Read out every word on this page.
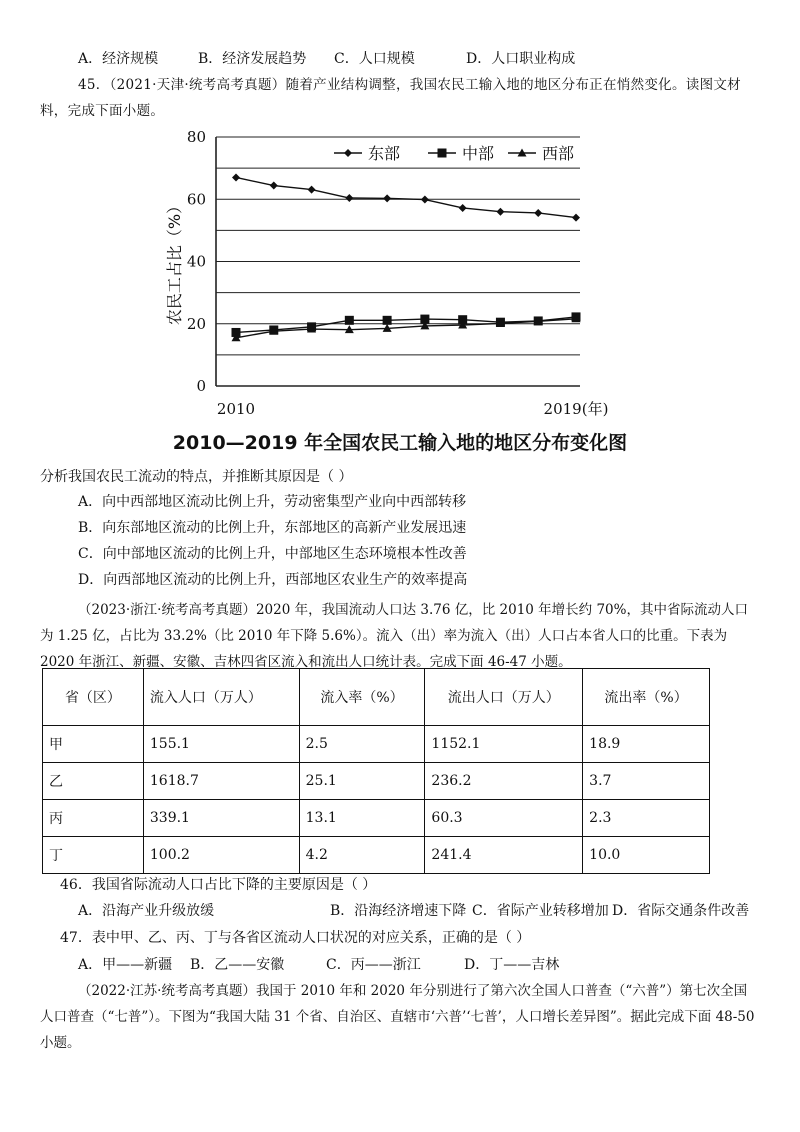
A．经济规模	B．经济发展趋势 C．人口规模	D．人口职业构成
45．（2021·天津·统考高考真题）随着产业结构调整，我国农民工输入地的地区分布正在悄然变化。读图文材料，完成下面小题。
0
20
40
60
80
2010	2019(年)
农民工占比（%）
东部	中部	西部
2010—2019 年全国农民工输入地的地区分布变化图
分析我国农民工流动的特点，并推断其原因是（ ）
A．向中西部地区流动比例上升，劳动密集型产业向中西部转移
B．向东部地区流动的比例上升，东部地区的高新产业发展迅速
C．向中部地区流动的比例上升，中部地区生态环境根本性改善
D．向西部地区流动的比例上升，西部地区农业生产的效率提高
（2023·浙江·统考高考真题）2020 年，我国流动人口达 3.76 亿，比 2010 年增长约 70%，其中省际流动人口为 1.25 亿，占比为 33.2%（比 2010 年下降 5.6%）。流入（出）率为流入（出）人口占本省人口的比重。下表为 2020 年浙江、新疆、安徽、吉林四省区流入和流出人口统计表。完成下面 46-47 小题。
省（区）	流入人口（万人）	流入率（%）	流出人口（万人）	流出率（%）
甲	155.1	2.5	1152.1	18.9
乙	1618.7	25.1	236.2	3.7
丙	339.1	13.1	60.3	2.3
丁	100.2	4.2	241.4	10.0
46．我国省际流动人口占比下降的主要原因是（ ）
A．沿海产业升级放缓	B．沿海经济增速下降 C．省际产业转移增加 D．省际交通条件改善
47．表中甲、乙、丙、丁与各省区流动人口状况的对应关系，正确的是（ ）
A．甲——新疆 B．乙——安徽	C．丙——浙江	D．丁——吉林
（2022·江苏·统考高考真题）我国于 2010 年和 2020 年分别进行了第六次全国人口普查（“六普”）第七次全国人口普查（“七普”）。下图为“我国大陆 31 个省、自治区、直辖市‘六普’‘七普’，人口增长差异图”。据此完成下面 48-50 小题。
